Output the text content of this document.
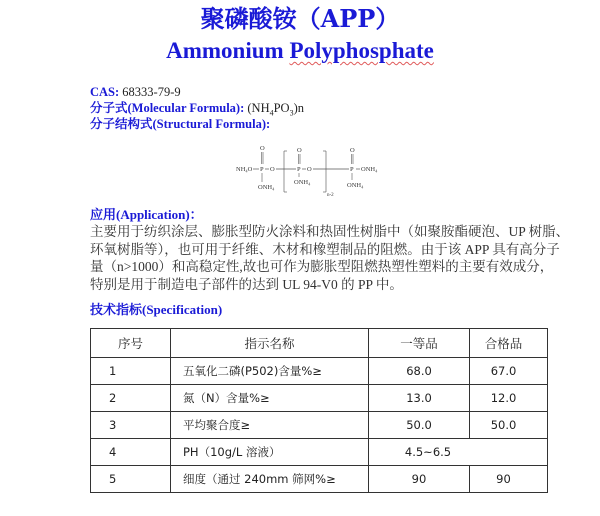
聚磷酸铵（APP）
Ammonium Polyphosphate
CAS: 68333-79-9
分子式(Molecular Formula): $(NH_4PO_3)n$
分子结构式(Structural Formula):
NH₄O P
O
ONH₄
O	P
O
O
ONH₄
n-2
P
O
ONH₄
ONH₄
应用(Application)：
主要用于纺织涂层、膨胀型防火涂料和热固性树脂中（如聚胺酯硬泡、UP 树脂、
环氧树脂等），也可用于纤维、木材和橡塑制品的阻燃。由于该 APP 具有高分子
量（n>1000）和高稳定性,故也可作为膨胀型阻燃热塑性塑料的主要有效成分，
特别是用于制造电子部件的达到 UL 94-V0 的 PP 中。
技术指标(Specification)
序号	指示名称	一等品	合格品
1	五氧化二磷(P502)含量%≥	68.0	67.0
2	氮（N）含量%≥	13.0	12.0
3	平均聚合度≥	50.0	50.0
4	PH（10g/L 溶液）	4.5~6.5	
5	细度（通过 240mm 筛网%≥	90	90
